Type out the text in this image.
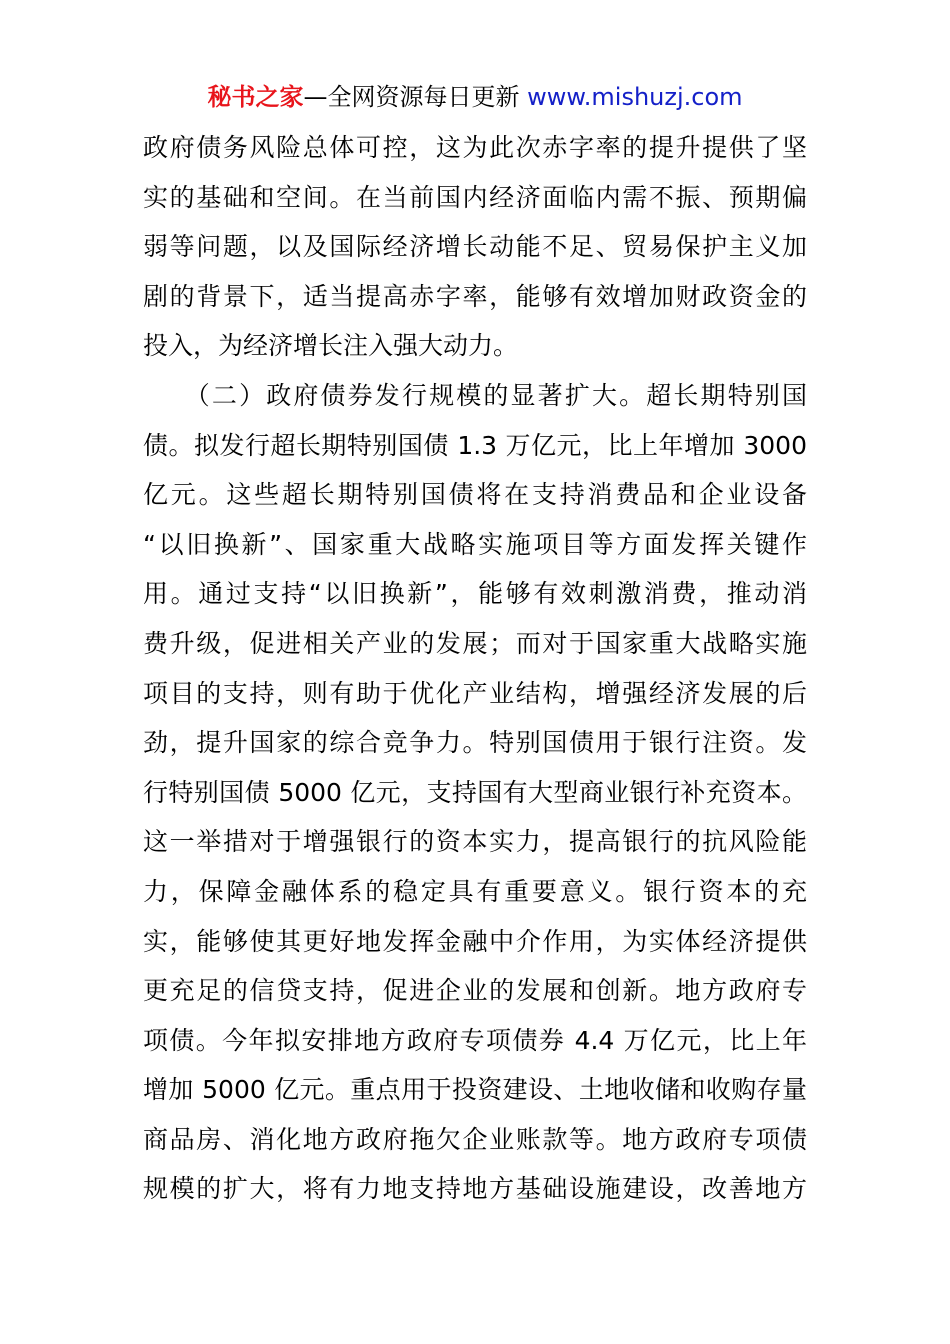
秘书之家—全网资源每日更新 www.mishuzj.com
政府债务风险总体可控，这为此次赤字率的提升提供了坚
实的基础和空间。在当前国内经济面临内需不振、预期偏
弱等问题，以及国际经济增长动能不足、贸易保护主义加
剧的背景下，适当提高赤字率，能够有效增加财政资金的
投入，为经济增长注入强大动力。
　　（二）政府债券发行规模的显著扩大。超长期特别国
债。拟发行超长期特别国债 1.3 万亿元，比上年增加 3000
亿元。这些超长期特别国债将在支持消费品和企业设备
“以旧换新”、国家重大战略实施项目等方面发挥关键作
用。通过支持“以旧换新”，能够有效刺激消费，推动消
费升级，促进相关产业的发展；而对于国家重大战略实施
项目的支持，则有助于优化产业结构，增强经济发展的后
劲，提升国家的综合竞争力。特别国债用于银行注资。发
行特别国债 5000 亿元，支持国有大型商业银行补充资本。
这一举措对于增强银行的资本实力，提高银行的抗风险能
力，保障金融体系的稳定具有重要意义。银行资本的充
实，能够使其更好地发挥金融中介作用，为实体经济提供
更充足的信贷支持，促进企业的发展和创新。地方政府专
项债。今年拟安排地方政府专项债券 4.4 万亿元，比上年
增加 5000 亿元。重点用于投资建设、土地收储和收购存量
商品房、消化地方政府拖欠企业账款等。地方政府专项债
规模的扩大，将有力地支持地方基础设施建设，改善地方
